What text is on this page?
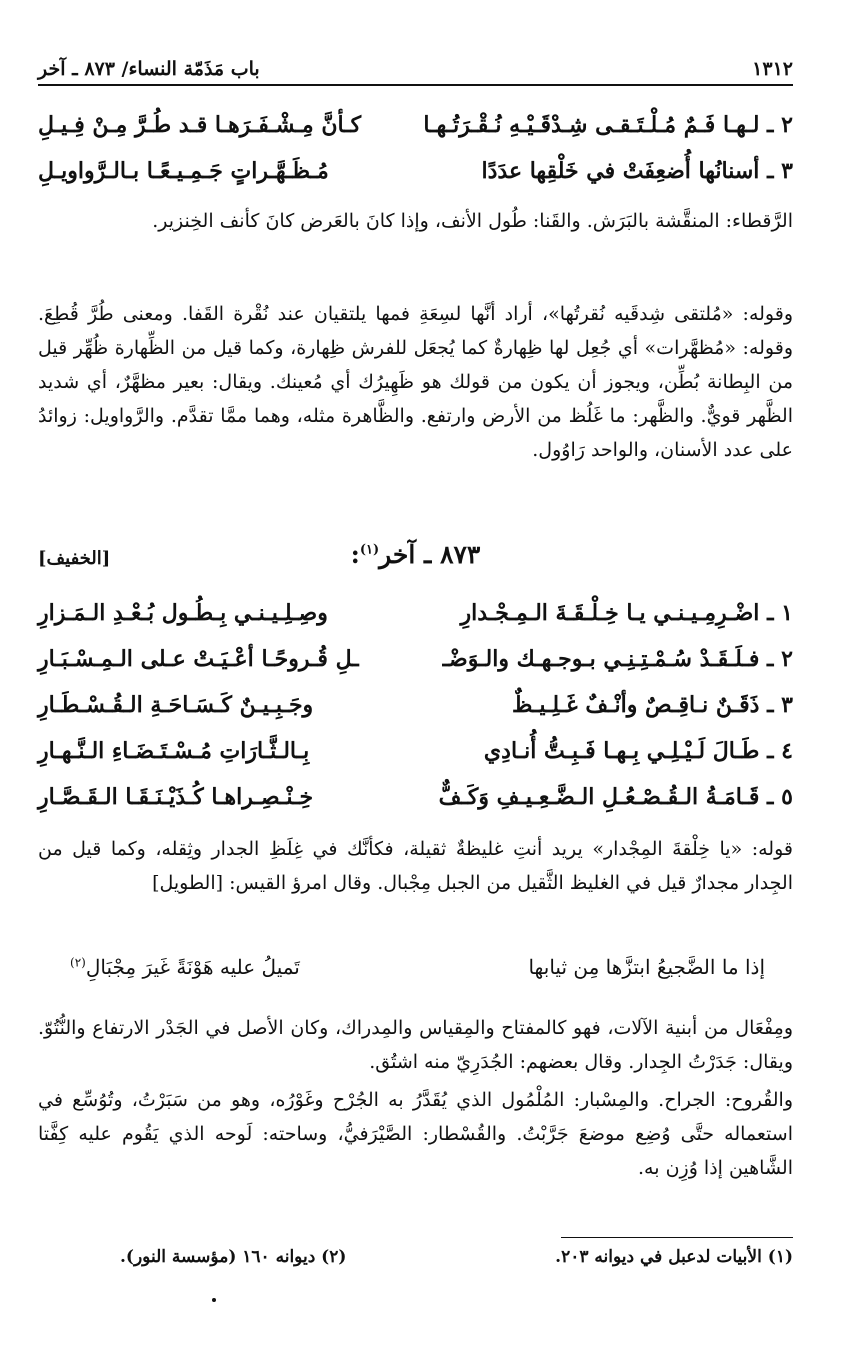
١٣١٢
باب مَذَمّة النساء/ ٨٧٣ ـ آخر
٢ ـ لـهـا فَـمٌ مُـلْـتَـقـى شِـدْقَـيْـهِ نُـقْـرَتُـهـا
كـأنَّ مِـشْـفَـرَهـا قـد طُـرَّ مِـنْ فِـيـلِ
٣ ـ أسنانُها أُضعِفَتْ في خَلْقِها عدَدًا
مُـظَـهَّـراتٍ جَـمِـيـعًـا بـالـرَّواويـلِ

الرَّقطاء: المنقَّشة بالبَرَش. والقَنا: طُول الأنف، وإذا كانَ بالعَرض كانَ كأنف الخِنزير.

وقوله: «مُلتقى شِدقَيه نُقرتُها»، أراد أنَّها لسِعَةِ فمها يلتقيان عند نُقْرة القَفا. ومعنى طُرَّ قُطِعَ. وقوله: «مُظهَّرات» أي جُعِل لها ظِهارةٌ كما يُجعَل للفرش ظِهارة، وكما قيل من الظِّهارة ظُهِّر قيل من البِطانة بُطِّن، ويجوز أن يكون من قولك هو ظَهِيرُك أي مُعينك. ويقال: بعير مظهَّرٌ، أي شديد الظَّهر قويٌّ. والظَّهر: ما غَلُظ من الأرض وارتفع. والظَّاهرة مثله، وهما ممَّا تقدَّم. والرَّواويل: زوائدُ على عدد الأسنان، والواحد رَاوُول.

٨٧٣ ـ آخر$^{(١)}$:
[الخفيف]
١ ـ اضْـرِمِـيـنـي يـا خِـلْـقَـةَ الـمِـجْـدارِ
وصِـلِـيـنـي بِـطُـول بُـعْـدِ الـمَـزارِ
٢ ـ فـلَـقَـدْ سُـمْـتِـنِـي بـوجـهـك والـوَضْـ
ـلِ قُـروحًـا أعْـيَـتْ عـلى الـمِـسْـبَـارِ
٣ ـ ذَقَـنٌ نـاقِـصٌ وأنْـفٌ غَـلِـيـظٌ
وجَـبِـيـنٌ كَـسَـاحَـةِ الـقُـسْـطَـارِ
٤ ـ طَـالَ لَـيْـلِـي بِـهـا فَـبِـتُّ أُنـادِي
بِـالـثَّـارَاتِ مُـسْـتَـضَـاءِ الـنَّـهـارِ
٥ ـ قَـامَـةُ الـقُـصْـعُـلِ الـضَّـعِـيـفِ وَكَـفٌّ
خِـنْـصِـراهـا كُـذَيْـنَـقَـا الـقَـصَّـارِ

قوله: «يا خِلْقةَ المِجْدار» يريد أنتِ غليظةٌ ثقيلة، فكأنَّك في غِلَظِ الجدار وثِقله، وكما قيل من الجِدار مجدارٌ قيل في الغليظ الثَّقيل من الجبل مِجْبال. وقال امرؤ القيس: [الطويل]

إذا ما الضَّجيعُ ابتزَّها مِن ثيابها
تَميلُ عليه هَوْنَةً غَيرَ مِجْبَالِ$^{(٢)}$

ومِفْعَال من أبنية الآلات، فهو كالمفتاح والمِقياس والمِدراك، وكان الأصل في الجَدْر الارتفاع والنُّتُوّ. ويقال: جَدَرْتُ الجِدار. وقال بعضهم: الجُدَرِيّ منه اشتُق.

والقُروح: الجراح. والمِسْبار: المُلْمُول الذي يُقَدَّرُ به الجُرْح وغَوْرُه، وهو من سَبَرْتُ، وتُوُسِّع في استعماله حتَّى وُضِع موضعَ جَرَّبْتُ. والقُسْطار: الصَّيْرَفيُّ، وساحته: لَوحه الذي يَقُوم عليه كِفَّتا الشَّاهين إذا وُزِن به.

(١) الأبيات لدعبل في ديوانه ٢٠٣.
(٢) ديوانه ١٦٠ (مؤسسة النور).
